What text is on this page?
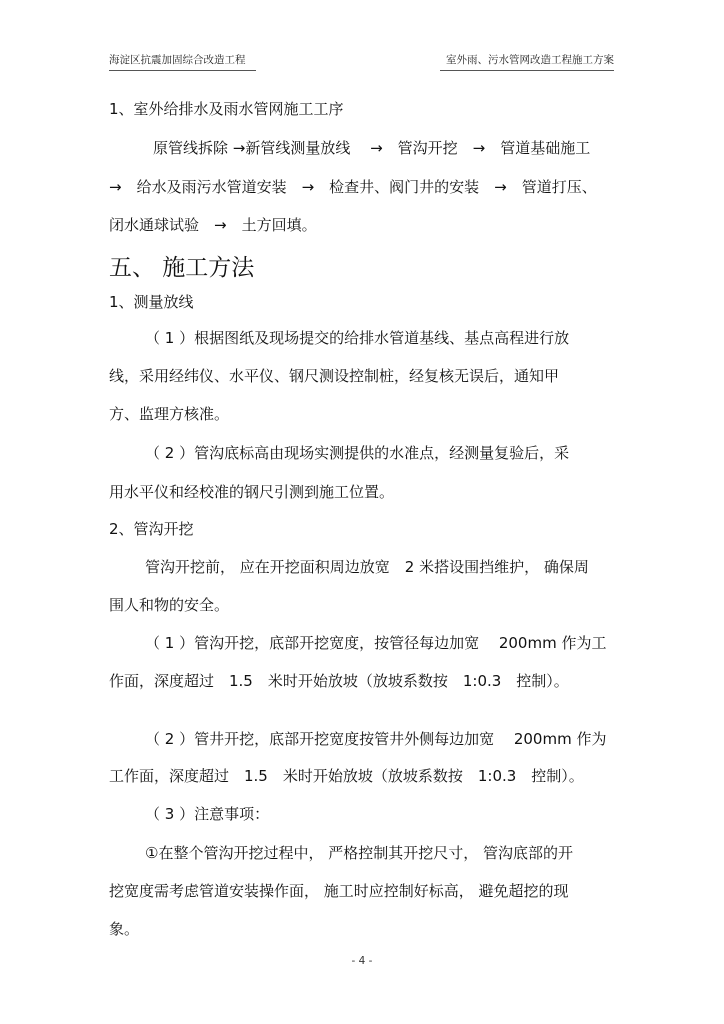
海淀区抗震加固综合改造工程	室外雨、污水管网改造工程施工方案
1、室外给排水及雨水管网施工工序
原管线拆除 →新管线测量放线 　→　管沟开挖　→　管道基础施工
→　给水及雨污水管道安装　→　检查井、阀门井的安装　→　管道打压、
闭水通球试验　→　土方回填。
五、 施工方法
1、测量放线
（ 1 ）根据图纸及现场提交的给排水管道基线、基点高程进行放
线，采用经纬仪、水平仪、钢尺测设控制桩，经复核无误后，通知甲
方、监理方核准。
（ 2 ）管沟底标高由现场实测提供的水准点，经测量复验后，采
用水平仪和经校准的钢尺引测到施工位置。
2、管沟开挖
管沟开挖前， 应在开挖面积周边放宽　2 米搭设围挡维护， 确保周
围人和物的安全。
（ 1 ）管沟开挖，底部开挖宽度，按管径每边加宽　 200mm 作为工
作面，深度超过　1.5　米时开始放坡（放坡系数按　1:0.3　控制）。
（ 2 ）管井开挖，底部开挖宽度按管井外侧每边加宽　 200mm 作为
工作面，深度超过　1.5　米时开始放坡（放坡系数按　1:0.3　控制）。
（ 3 ）注意事项：
①在整个管沟开挖过程中， 严格控制其开挖尺寸， 管沟底部的开
挖宽度需考虑管道安装操作面， 施工时应控制好标高， 避免超挖的现
象。
- 4 -
